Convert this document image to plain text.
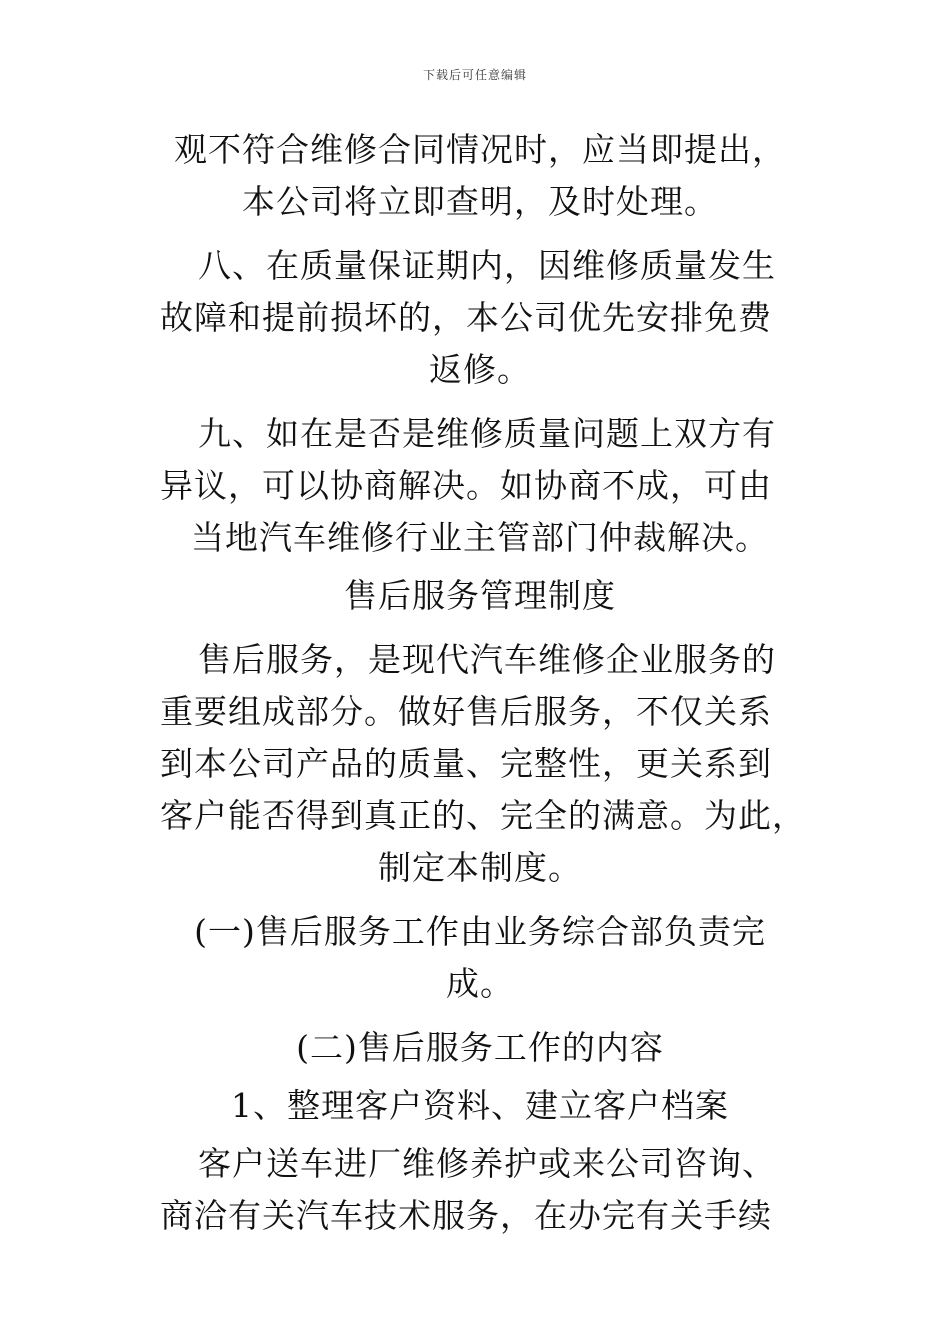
下载后可任意编辑
观不符合维修合同情况时，应当即提出，
本公司将立即查明，及时处理。
八、在质量保证期内，因维修质量发生
故障和提前损坏的，本公司优先安排免费
返修。
九、如在是否是维修质量问题上双方有
异议，可以协商解决。如协商不成，可由
当地汽车维修行业主管部门仲裁解决。
售后服务管理制度
售后服务，是现代汽车维修企业服务的
重要组成部分。做好售后服务，不仅关系
到本公司产品的质量、完整性，更关系到
客户能否得到真正的、完全的满意。为此，
制定本制度。
(一)售后服务工作由业务综合部负责完
成。
(二)售后服务工作的内容
1、整理客户资料、建立客户档案
客户送车进厂维修养护或来公司咨询、
商洽有关汽车技术服务，在办完有关手续
